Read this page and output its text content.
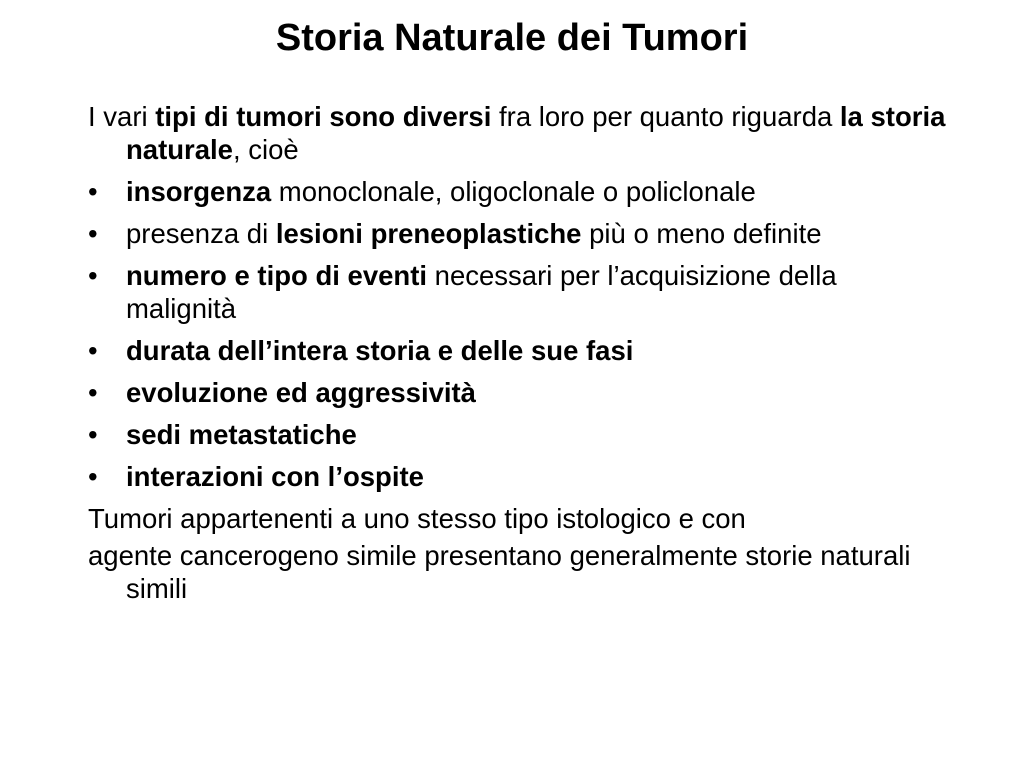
Storia Naturale dei Tumori

I vari tipi di tumori sono diversi fra loro per quanto riguarda la storia naturale, cioè

•	insorgenza monoclonale, oligoclonale o policlonale
•	presenza di lesioni preneoplastiche più o meno definite
•	numero e tipo di eventi necessari per l’acquisizione della malignità
•	durata dell’intera storia e delle sue fasi
•	evoluzione ed aggressività
•	sedi metastatiche
•	interazioni con l’ospite

Tumori appartenenti a uno stesso tipo istologico e con

agente cancerogeno simile presentano generalmente storie naturali simili
